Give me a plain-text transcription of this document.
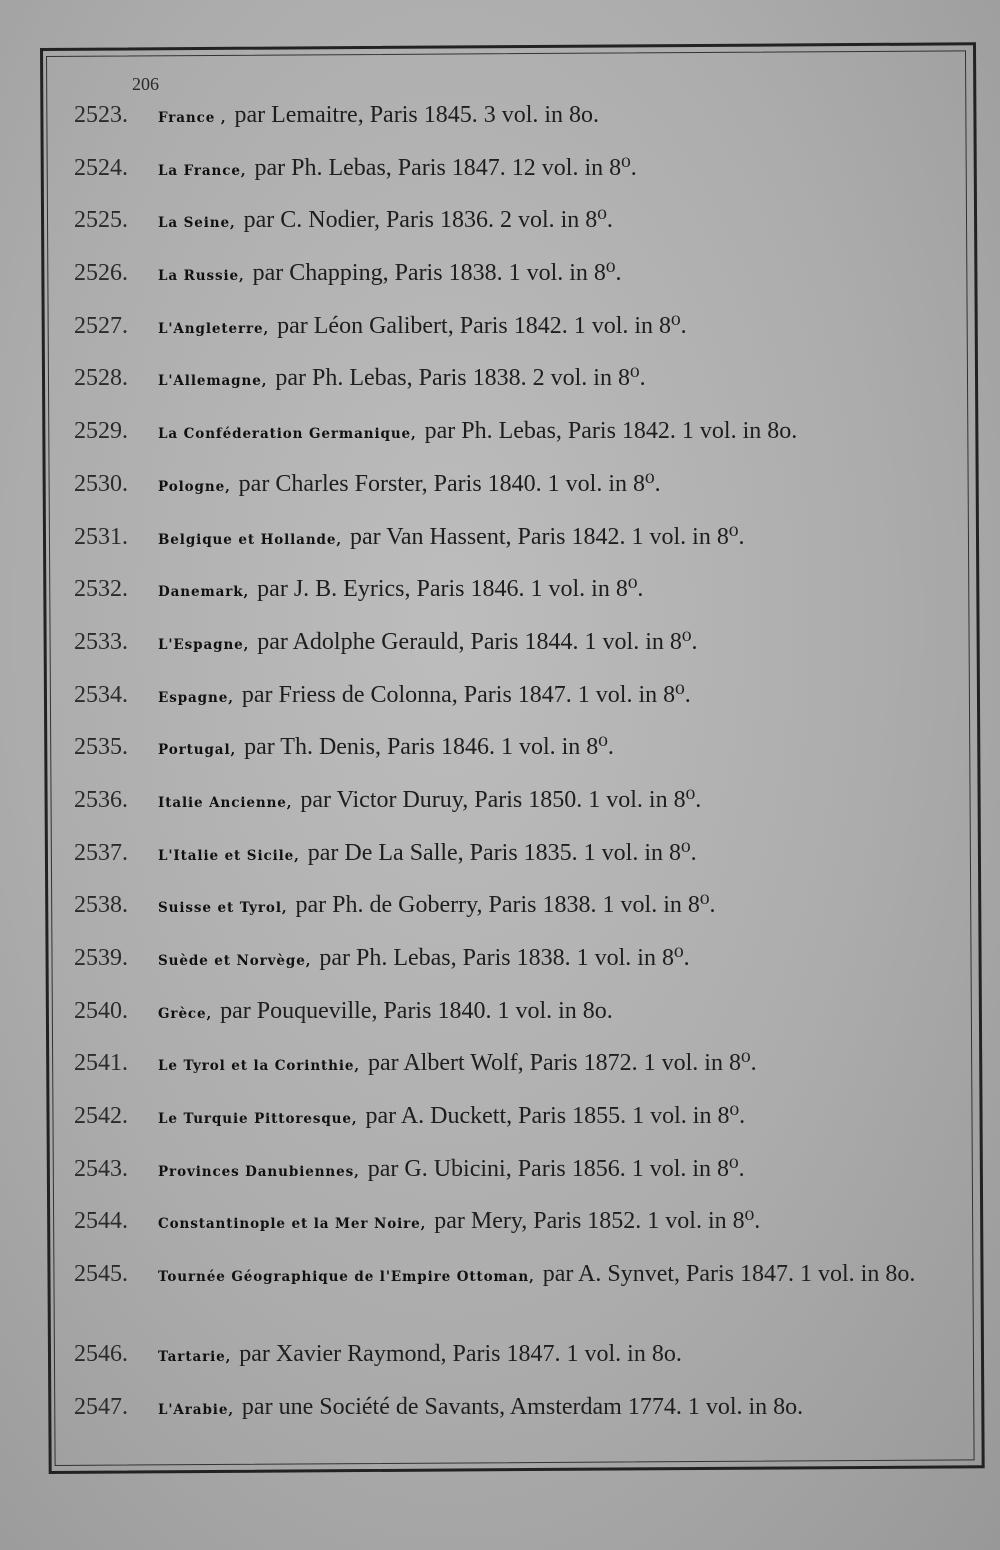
206
2523. France , par Lemaitre, Paris 1845. 3 vol. in 8o.
2524. La France, par Ph. Lebas, Paris 1847. 12 vol. in 8⁰.
2525. La Seine, par C. Nodier, Paris 1836. 2 vol. in 8⁰.
2526. La Russie, par Chapping, Paris 1838. 1 vol. in 8⁰.
2527. L'Angleterre, par Léon Galibert, Paris 1842. 1 vol. in 8⁰.
2528. L'Allemagne, par Ph. Lebas, Paris 1838. 2 vol. in 8⁰.
2529. La Conféderation Germanique, par Ph. Lebas, Paris 1842. 1 vol. in 8o.
2530. Pologne, par Charles Forster, Paris 1840. 1 vol. in 8⁰.
2531. Belgique et Hollande, par Van Hassent, Paris 1842. 1 vol. in 8⁰.
2532. Danemark, par J. B. Eyrics, Paris 1846. 1 vol. in 8⁰.
2533. L'Espagne, par Adolphe Gerauld, Paris 1844. 1 vol. in 8⁰.
2534. Espagne, par Friess de Colonna, Paris 1847. 1 vol. in 8⁰.
2535. Portugal, par Th. Denis, Paris 1846. 1 vol. in 8⁰.
2536. Italie Ancienne, par Victor Duruy, Paris 1850. 1 vol. in 8⁰.
2537. L'Italie et Sicile, par De La Salle, Paris 1835. 1 vol. in 8⁰.
2538. Suisse et Tyrol, par Ph. de Goberry, Paris 1838. 1 vol. in 8⁰.
2539. Suède et Norvège, par Ph. Lebas, Paris 1838. 1 vol. in 8⁰.
2540. Grèce, par Pouqueville, Paris 1840. 1 vol. in 8o.
2541. Le Tyrol et la Corinthie, par Albert Wolf, Paris 1872. 1 vol. in 8⁰.
2542. Le Turquie Pittoresque, par A. Duckett, Paris 1855. 1 vol. in 8⁰.
2543. Provinces Danubiennes, par G. Ubicini, Paris 1856. 1 vol. in 8⁰.
2544. Constantinople et la Mer Noire, par Mery, Paris 1852. 1 vol. in 8⁰.
2545. Tournée Géographique de l'Empire Ottoman, par A. Synvet, Paris 1847. 1 vol. in 8o.
2546. Tartarie, par Xavier Raymond, Paris 1847. 1 vol. in 8o.
2547. L'Arabie, par une Société de Savants, Amsterdam 1774. 1 vol. in 8o.
